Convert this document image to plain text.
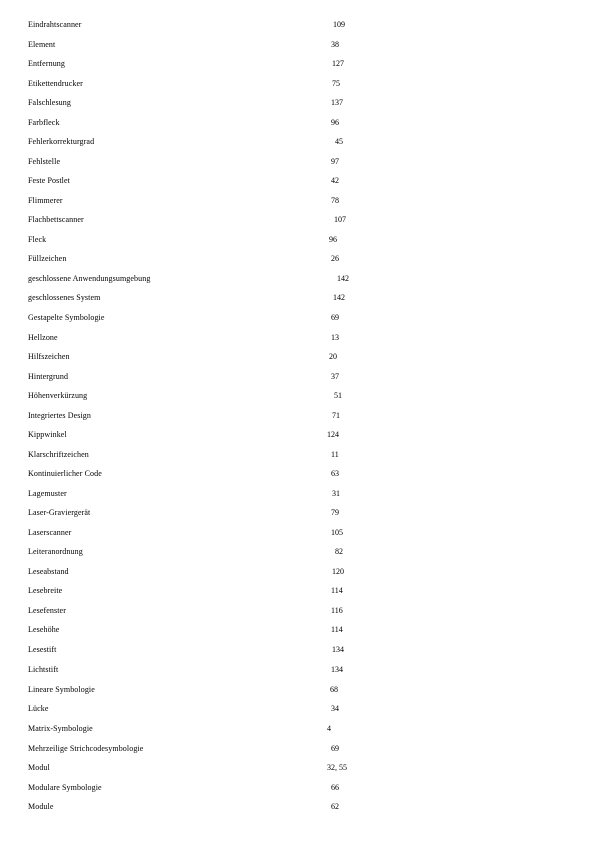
Eindrahtscanner	109
Element	38
Entfernung	127
Etikettendrucker	75
Falschlesung	137
Farbfleck	96
Fehlerkorrekturgrad	45
Fehlstelle	97
Feste Postlet	42
Flimmerer	78
Flachbettscanner	107
Fleck	96
Füllzeichen	26
geschlossene Anwendungsumgebung	142
geschlossenes System	142
Gestapelte Symbologie	69
Hellzone	13
Hilfszeichen	20
Hintergrund	37
Höhenverkürzung	51
Integriertes Design	71
Kippwinkel	124
Klarschriftzeichen	11
Kontinuierlicher Code	63
Lagemuster	31
Laser-Graviergerät	79
Laserscanner	105
Leiteranordnung	82
Leseabstand	120
Lesebreite	114
Lesefenster	116
Lesehöhe	114
Lesestift	134
Lichtstift	134
Lineare Symbologie	68
Lücke	34
Matrix-Symbologie	4
Mehrzeilige Strichcodesymbologie	69
Modul	32, 55
Modulare Symbologie	66
Module	62
